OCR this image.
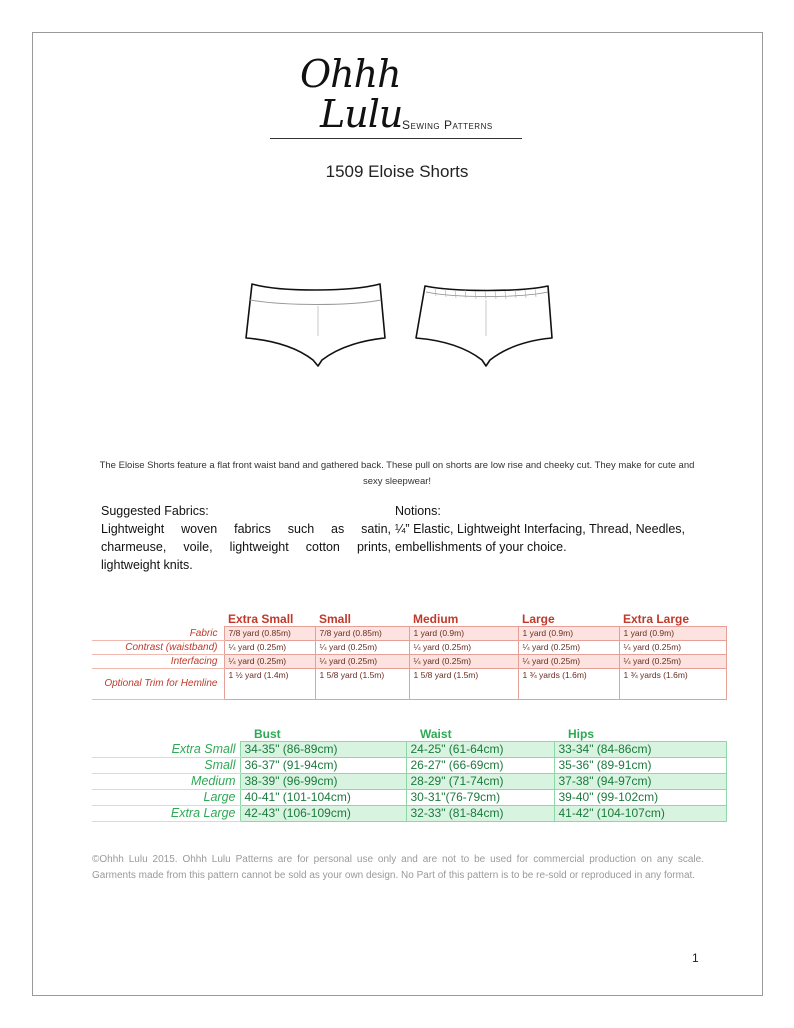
Ohhh
Lulu Sewing Patterns
1509 Eloise Shorts
The Eloise Shorts feature a flat front waist band and gathered back. These pull on shorts are low rise and cheeky cut. They make for cute and sexy sleepwear!

Suggested Fabrics:

Lightweight woven fabrics such as satin, charmeuse, voile, lightweight cotton prints, lightweight knits.

Notions:

¼” Elastic, Lightweight Interfacing, Thread, Needles, embellishments of your choice.

	Extra Small	Small	Medium	Large	Extra Large
Fabric	7/8 yard (0.85m)	7/8 yard (0.85m)	1 yard (0.9m)	1 yard (0.9m)	1 yard (0.9m)
Contrast (waistband)	¼ yard (0.25m)	¼ yard (0.25m)	¼ yard (0.25m)	¼ yard (0.25m)	¼ yard (0.25m)
Interfacing	¼ yard (0.25m)	¼ yard (0.25m)	¼ yard (0.25m)	¼ yard (0.25m)	¼ yard (0.25m)
Optional Trim for Hemline	1 ½ yard (1.4m)	1 5/8 yard (1.5m)	1 5/8 yard (1.5m)	1 ¾ yards (1.6m)	1 ¾ yards (1.6m)
	Bust	Waist	Hips
Extra Small	34-35" (86-89cm)	24-25" (61-64cm)	33-34" (84-86cm)
Small	36-37" (91-94cm)	26-27" (66-69cm)	35-36" (89-91cm)
Medium	38-39" (96-99cm)	28-29" (71-74cm)	37-38" (94-97cm)
Large	40-41" (101-104cm)	30-31"(76-79cm)	39-40" (99-102cm)
Extra Large	42-43" (106-109cm)	32-33" (81-84cm)	41-42" (104-107cm)
©Ohhh Lulu 2015. Ohhh Lulu Patterns are for personal use only and are not to be used for commercial production on any scale. Garments made from this pattern cannot be sold as your own design. No Part of this pattern is to be re-sold or reproduced in any format.
1
